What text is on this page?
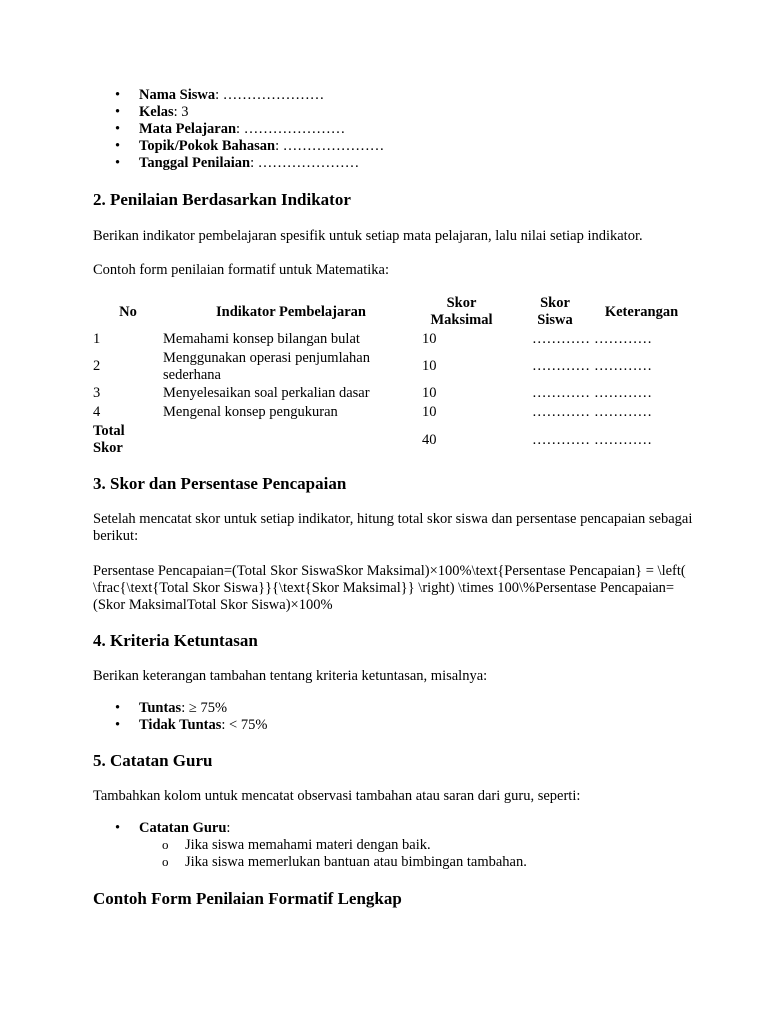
• Nama Siswa: …………………
• Kelas: 3
• Mata Pelajaran: …………………
• Topik/Pokok Bahasan: …………………
• Tanggal Penilaian: …………………
2. Penilaian Berdasarkan Indikator

Berikan indikator pembelajaran spesifik untuk setiap mata pelajaran, lalu nilai setiap indikator.

Contoh form penilaian formatif untuk Matematika:

No	Indikator Pembelajaran	Skor Maksimal	Skor Siswa	Keterangan
1	Memahami konsep bilangan bulat	10	…………	…………
2	Menggunakan operasi penjumlahan sederhana	10	…………	…………
3	Menyelesaikan soal perkalian dasar	10	…………	…………
4	Mengenal konsep pengukuran	10	…………	…………
Total Skor		40	…………	…………
3. Skor dan Persentase Pencapaian

Setelah mencatat skor untuk setiap indikator, hitung total skor siswa dan persentase pencapaian sebagai berikut:

Persentase Pencapaian=(Total Skor SiswaSkor Maksimal)×100%\text{Persentase Pencapaian} = \left( \frac{\text{Total Skor Siswa}}{\text{Skor Maksimal}} \right) \times 100\%Persentase Pencapaian=(Skor MaksimalTotal Skor Siswa)×100%

4. Kriteria Ketuntasan

Berikan keterangan tambahan tentang kriteria ketuntasan, misalnya:

• Tuntas: ≥ 75%
• Tidak Tuntas: < 75%
5. Catatan Guru

Tambahkan kolom untuk mencatat observasi tambahan atau saran dari guru, seperti:

• Catatan Guru:
o Jika siswa memahami materi dengan baik.
o Jika siswa memerlukan bantuan atau bimbingan tambahan.
Contoh Form Penilaian Formatif Lengkap
